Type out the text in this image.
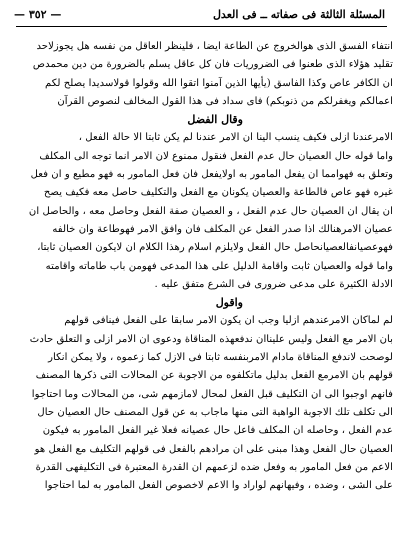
— ٣٥٢ —	المسئلة الثالثة فى صفاته ــ فى العدل
انتفاء الفسق الذى هوالخروج عن الطاعة ايضا ، فلينظر العاقل من نفسه هل يجوزلاحد
تقليد هؤلاء الذى طعنوا فى الضروريات فان كل عاقل يسلم بالضرورة من دين محمدص
ان الكافر عاص وكذا الفاسق (يأيها الذين آمنوا اتقوا الله وقولوا قولاسديدا يصلح لكم
اعمالكم ويغفرلكم من ذنوبكم) فاى سداد فى هذا القول المخالف لنصوص القرآن
وقال الفضل
الامرعندنا ازلى فكيف ينسب الينا ان الامر عندنا لم يكن ثابتا الا حالة الفعل ،
واما قوله حال العصيان حال عدم الفعل فنقول ممنوع لان الامر انما توجه الى المكلف
وتعلق به فهوامما ان يفعل المامور به اولايفعل فان فعل المامور به فهو مطيع و ان فعل
غيره فهو عاص فالطاعة والعصيان يكونان مع الفعل والتكليف حاصل معه فكيف يصح
ان يقال ان العصيان حال عدم الفعل ، و العصيان صفة الفعل وحاصل معه ، والحاصل ان
عصيان الامرهنالك اذا صدر الفعل عن المكلف فان وافق الامر فهوطاعة وان خالفه
فهوعصيانفالعصيانحاصل حال الفعل ولايلزم اسلام رهذا الكلام ان لايكون العصيان ثابتا،
واما قوله والعصيان ثابت واقامة الدليل على هذا المدعى فهومن باب طاماته واقامته
الادلة الكثيرة على مدعى ضرورى فى الشرع متفق عليه .
واقول
لم لماكان الامرعندهم ازليا وجب ان يكون الامر سابقا على الفعل فينافى قولهم
بان الامر مع الفعل وليس عليناان ندفعهذه المناقاة ودعوى ان الامر ازلى و التعلق حادث
لوصحت لاندفع المناقاة مادام الامربنفسه ثابتا فى الازل كما زعموه ، ولا يمكن انكار
قولهم بان الامرمع الفعل بدليل ماتكلفوه من الاجوبة عن المحالات التى ذكرها المصنف
فانهم اوجبوا الى ان التكليف قبل الفعل لمحال لامازمهم شى، من المحالات وما احتاجوا
الى تكلف تلك الاجوبة الواهية التى منها ماجاب به عن قول المصنف حال العصيان حال
عدم الفعل ، وحاصله ان المكلف فاعل حال عصيانه فعلا غير الفعل المامور به فيكون
العصيان حال الفعل وهذا مبنى على ان مرادهم بالفعل فى قولهم التكليف مع الفعل هو
الاعم من فعل المامور به وفعل ضده لزعمهم ان القدرة المعتبرة فى التكليفهى القدرة
على الشى ، وضده ، وفيهانهم لواراد وا الاعم لاخصوص الفعل المامور به لما احتاجوا
